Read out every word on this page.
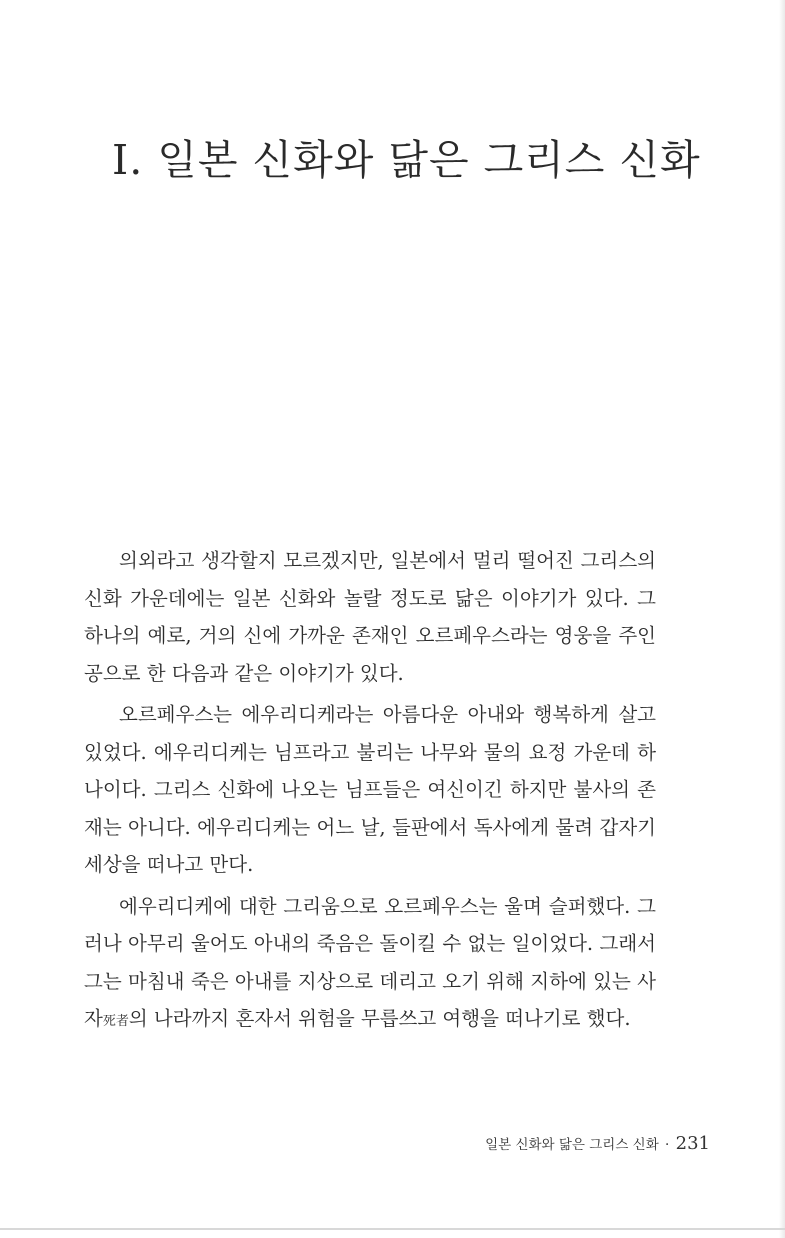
Ⅰ. 일본 신화와 닮은 그리스 신화

의외라고 생각할지 모르겠지만, 일본에서 멀리 떨어진 그리스의 신화 가운데에는 일본 신화와 놀랄 정도로 닮은 이야기가 있다. 그 하나의 예로, 거의 신에 가까운 존재인 오르페우스라는 영웅을 주인공으로 한 다음과 같은 이야기가 있다.

오르페우스는 에우리디케라는 아름다운 아내와 행복하게 살고 있었다. 에우리디케는 님프라고 불리는 나무와 물의 요정 가운데 하나이다. 그리스 신화에 나오는 님프들은 여신이긴 하지만 불사의 존재는 아니다. 에우리디케는 어느 날, 들판에서 독사에게 물려 갑자기 세상을 떠나고 만다.

에우리디케에 대한 그리움으로 오르페우스는 울며 슬퍼했다. 그러나 아무리 울어도 아내의 죽음은 돌이킬 수 없는 일이었다. 그래서 그는 마침내 죽은 아내를 지상으로 데리고 오기 위해 지하에 있는 사자死者의 나라까지 혼자서 위험을 무릅쓰고 여행을 떠나기로 했다.

일본 신화와 닮은 그리스 신화 · 231
